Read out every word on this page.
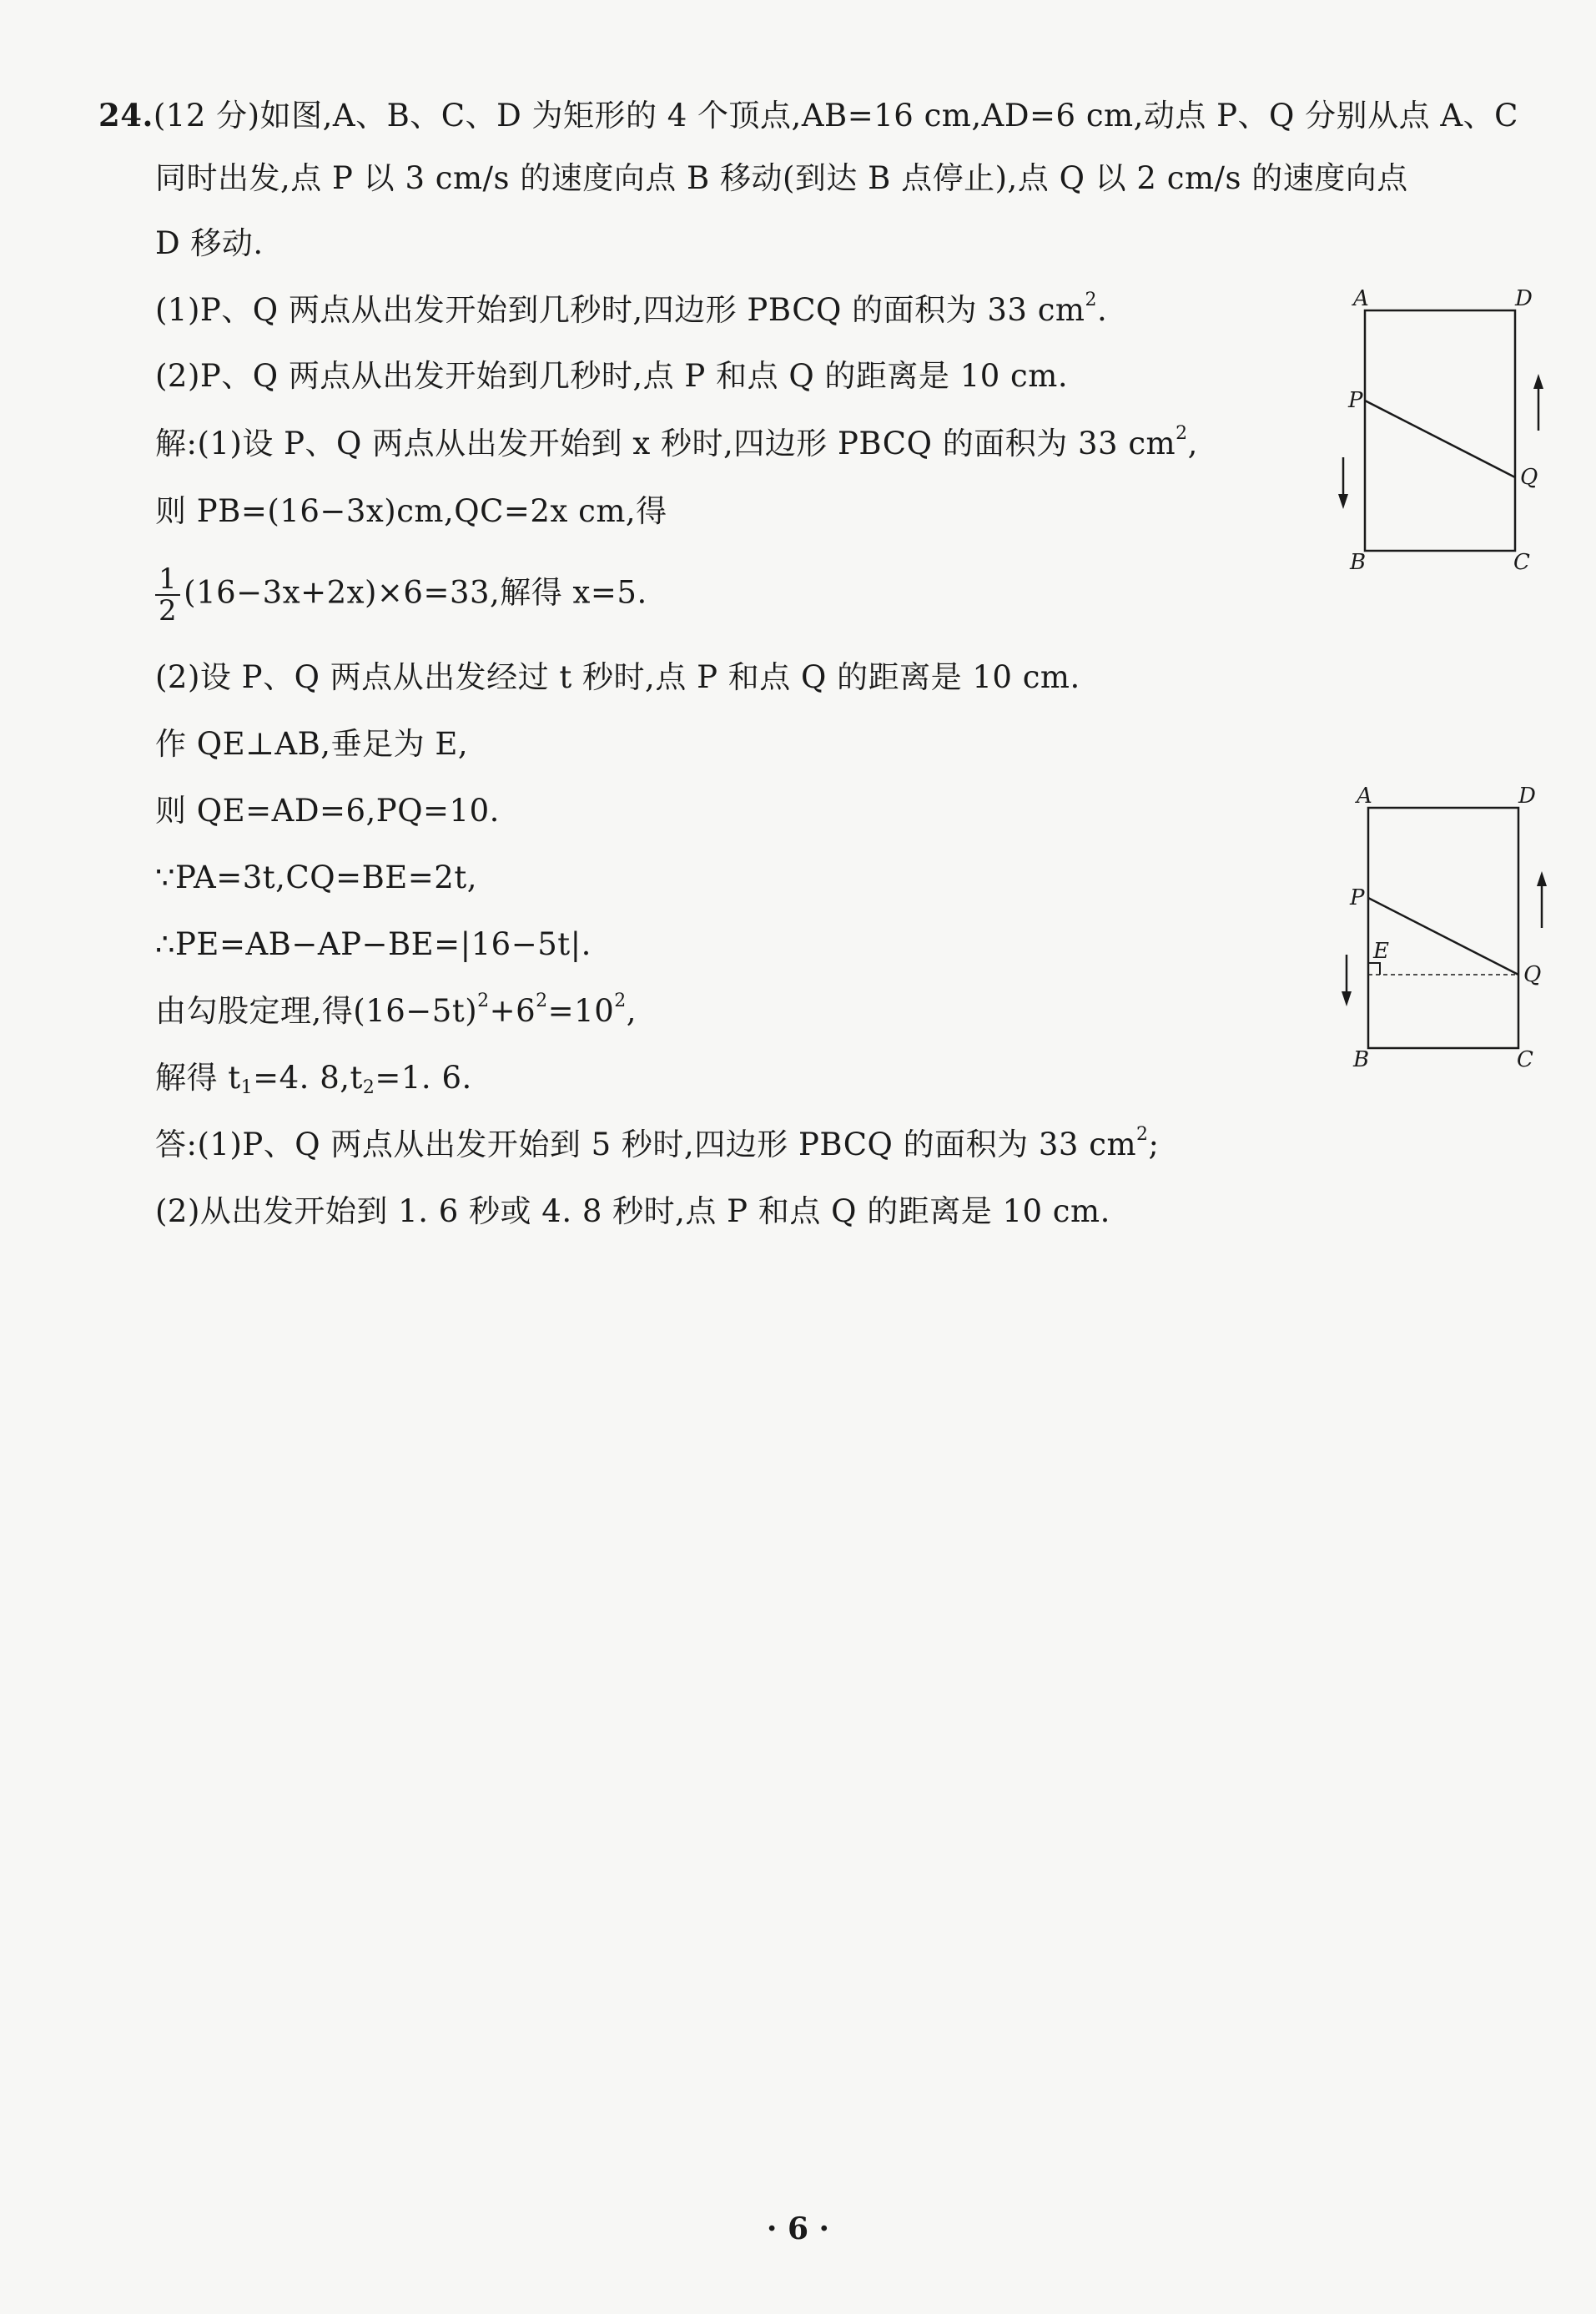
24.(12 分)如图,A、B、C、D 为矩形的 4 个顶点,AB=16 cm,AD=6 cm,动点 P、Q 分别从点 A、C
同时出发,点 P 以 3 cm/s 的速度向点 B 移动(到达 B 点停止),点 Q 以 2 cm/s 的速度向点
D 移动.
(1)P、Q 两点从出发开始到几秒时,四边形 PBCQ 的面积为 33 $cm^2$.
(2)P、Q 两点从出发开始到几秒时,点 P 和点 Q 的距离是 10 cm.
解:(1)设 P、Q 两点从出发开始到 x 秒时,四边形 PBCQ 的面积为 33 $cm^2$,
则 PB=(16−3x)cm,QC=2x cm,得
$\frac{1}{2} (16-3x+2x)\times 6=33$,解得 x=5.
(2)设 P、Q 两点从出发经过 t 秒时,点 P 和点 Q 的距离是 10 cm.
作 QE⊥AB,垂足为 E,
则 QE=AD=6,PQ=10.
∵PA=3t,CQ=BE=2t,
∴PE=AB−AP−BE=|16−5t|.
由勾股定理,得$(16-5t)^2+6^2=10^2$,
解得 $t_1=4$. $8,t_2=1$. 6.
答:(1)P、Q 两点从出发开始到 5 秒时,四边形 PBCQ 的面积为 33 $cm^2$;
(2)从出发开始到 1. 6 秒或 4. 8 秒时,点 P 和点 Q 的距离是 10 cm.
A	D
P
Q
B	C
A	D
P
E
Q
B	C
· 6 ·
